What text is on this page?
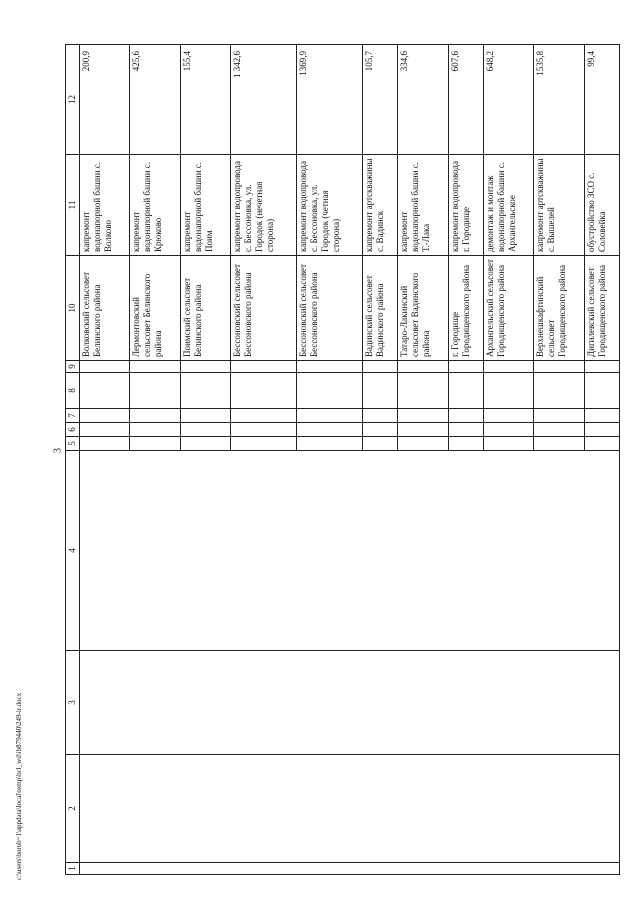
3
1	2	3	4	5	6	7	8	9	10	11	12
									Волковский сельсовет Белинского района	капремонт водонапорной башни с. Волково	200,9
									Лермонтовский сельсовет Белинского района	капремонт водонапорной башни с. Крюково	425,6
									Поимский сельсовет Белинского района	капремонт водонапорной башни с. Поим	155,4
									Бессоновский сельсовет Бессоновского района	капремонт водопровода с. Бессоновка, ул. Городок (нечетная сторона)	1 342,6
									Бессоновский сельсовет Бессоновского района	капремонт водопровода с. Бессоновка, ул. Городок (четная сторона)	1369,9
									Вадинский сельсовет Вадинского района	капремонт артскважины с. Вадинск	105,7
									Татаро-Лакинский сельсовет Вадинского района	капремонт водонапорной башни с. Т.-Лака	334,6
									г. Городище Городищенского района	капремонт водопровода г. Городище	607,6
									Архангельский сельсовет Городищенского района	демонтаж и монтаж водонапорной башни с. Архангельское	648,2
									Верхнешкафтинский сельсовет Городищенского района	капремонт артскважины с. Вышелей	1535,8
									Дигилевский сельсовет Городищенского района	обустройство ЗСО с. Соловейка	99,4
c:\users\borob~1\appdata\local\temp\bcl_wd\ib879440\249-ir.docx
